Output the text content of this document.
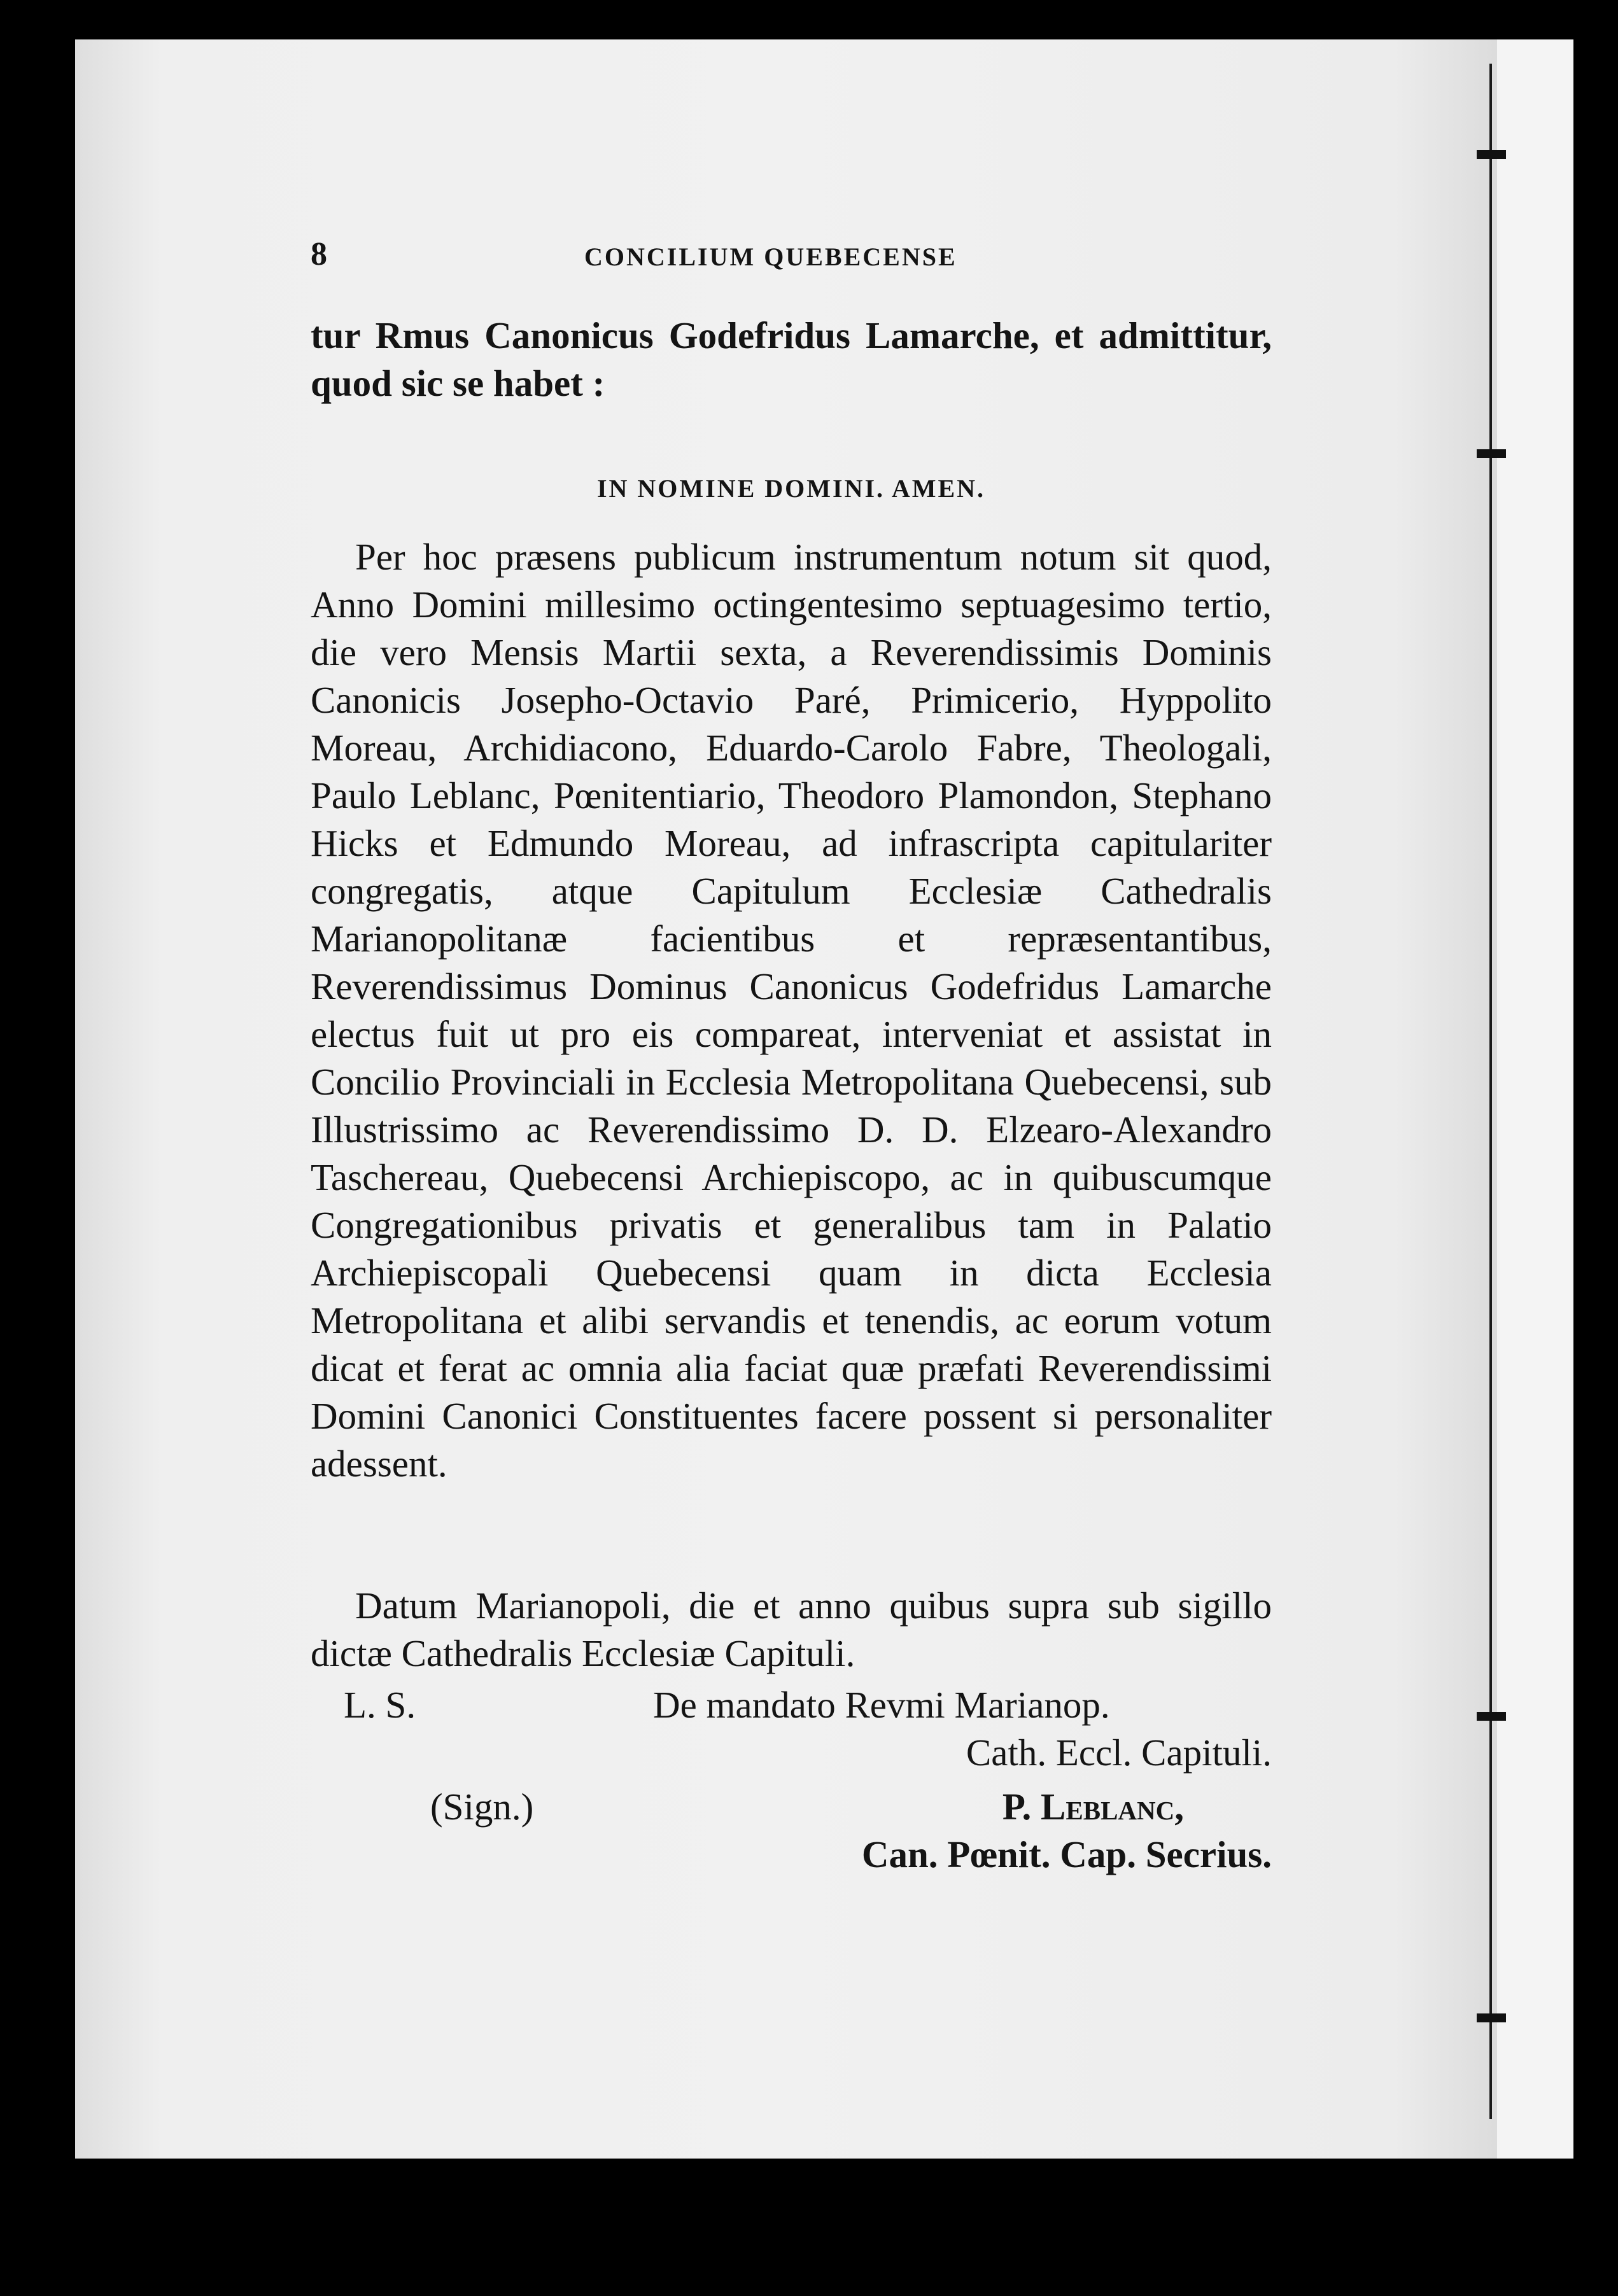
8	CONCILIUM QUEBECENSE
tur Rmus Canonicus Godefridus Lamarche, et admittitur, quod sic se habet :
IN NOMINE DOMINI. AMEN.
Per hoc præsens publicum instrumentum notum sit quod, Anno Domini millesimo octingentesimo septuagesimo tertio, die vero Mensis Martii sexta, a Reverendissimis Dominis Canonicis Josepho-Octavio Paré, Primicerio, Hyppolito Moreau, Archidiacono, Eduardo-Carolo Fabre, Theologali, Paulo Leblanc, Pœnitentiario, Theodoro Plamondon, Stephano Hicks et Edmundo Moreau, ad infrascripta capitulariter congregatis, atque Capitulum Ecclesiæ Cathedralis Marianopolitanæ facientibus et repræsentantibus, Reverendissimus Dominus Canonicus Godefridus Lamarche electus fuit ut pro eis compareat, interveniat et assistat in Concilio Provinciali in Ecclesia Metropolitana Quebecensi, sub Illustrissimo ac Reverendissimo D. D. Elzearo-Alexandro Taschereau, Quebecensi Archiepiscopo, ac in quibuscumque Congregationibus privatis et generalibus tam in Palatio Archiepiscopali Quebecensi quam in dicta Ecclesia Metropolitana et alibi servandis et tenendis, ac eorum votum dicat et ferat ac omnia alia faciat quæ præfati Reverendissimi Domini Canonici Constituentes facere possent si personaliter adessent.
Datum Marianopoli, die et anno quibus supra sub sigillo dictæ Cathedralis Ecclesiæ Capituli.
L. S.	De mandato Revmi Marianop.
Cath. Eccl. Capituli.
(Sign.)	P. Leblanc,
Can. Pœnit. Cap. Secrius.
